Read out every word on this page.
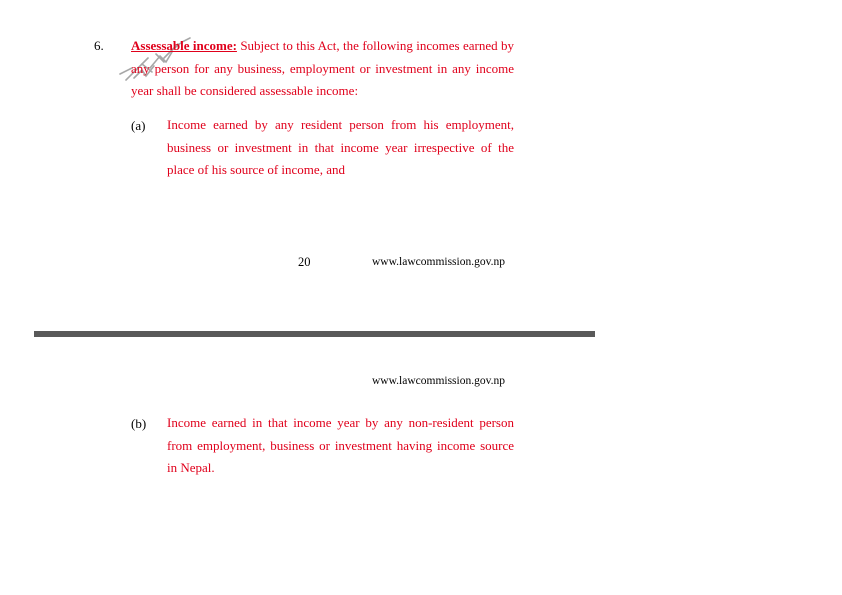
6. Assessable income: Subject to this Act, the following incomes earned by any person for any business, employment or investment in any income year shall be considered assessable income:
(a) Income earned by any resident person from his employment, business or investment in that income year irrespective of the place of his source of income, and
20	www.lawcommission.gov.np
www.lawcommission.gov.np
(b) Income earned in that income year by any non-resident person from employment, business or investment having income source in Nepal.
